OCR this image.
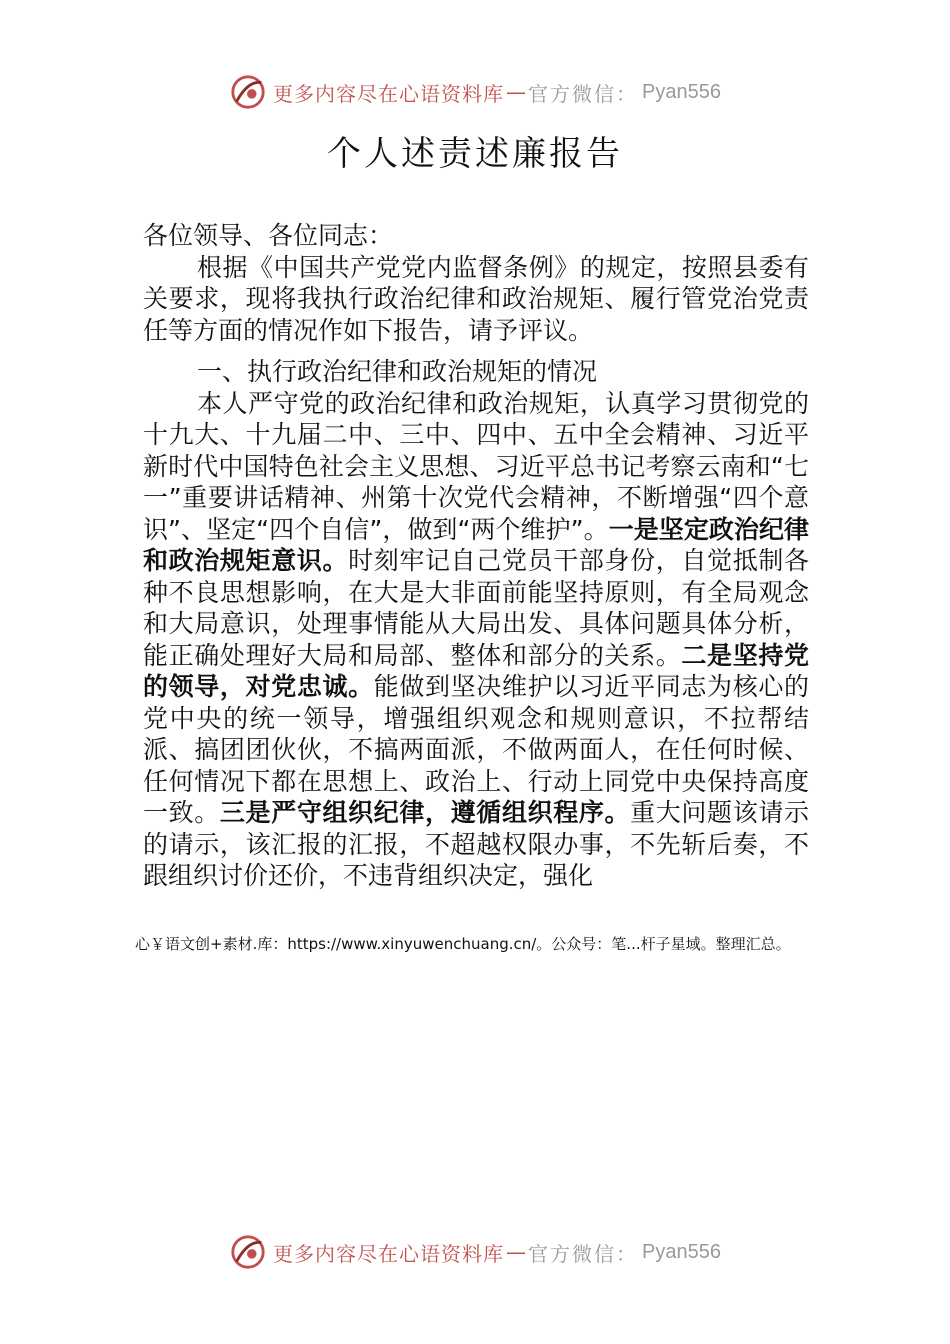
更多内容尽在心语资料库 — 官方微信： Pyan556
个人述责述廉报告

各位领导、各位同志：

根据《中国共产党党内监督条例》的规定，按照县委有关要求，现将我执行政治纪律和政治规矩、履行管党治党责任等方面的情况作如下报告，请予评议。

一、执行政治纪律和政治规矩的情况

本人严守党的政治纪律和政治规矩，认真学习贯彻党的十九大、十九届二中、三中、四中、五中全会精神、习近平新时代中国特色社会主义思想、习近平总书记考察云南和“七一”重要讲话精神、州第十次党代会精神，不断增强“四个意识”、坚定“四个自信”，做到“两个维护”。一是坚定政治纪律和政治规矩意识。时刻牢记自己党员干部身份，自觉抵制各种不良思想影响，在大是大非面前能坚持原则，有全局观念和大局意识，处理事情能从大局出发、具体问题具体分析，能正确处理好大局和局部、整体和部分的关系。二是坚持党的领导，对党忠诚。能做到坚决维护以习近平同志为核心的党中央的统一领导，增强组织观念和规则意识，不拉帮结派、搞团团伙伙，不搞两面派，不做两面人，在任何时候、任何情况下都在思想上、政治上、行动上同党中央保持高度一致。三是严守组织纪律，遵循组织程序。重大问题该请示的请示，该汇报的汇报，不超越权限办事，不先斩后奏，不跟组织讨价还价，不违背组织决定，强化

心￥语文创+素材.库：https://www.xinyuwenchuang.cn/。公众号：笔...杆子星域。整理汇总。
更多内容尽在心语资料库 — 官方微信： Pyan556
